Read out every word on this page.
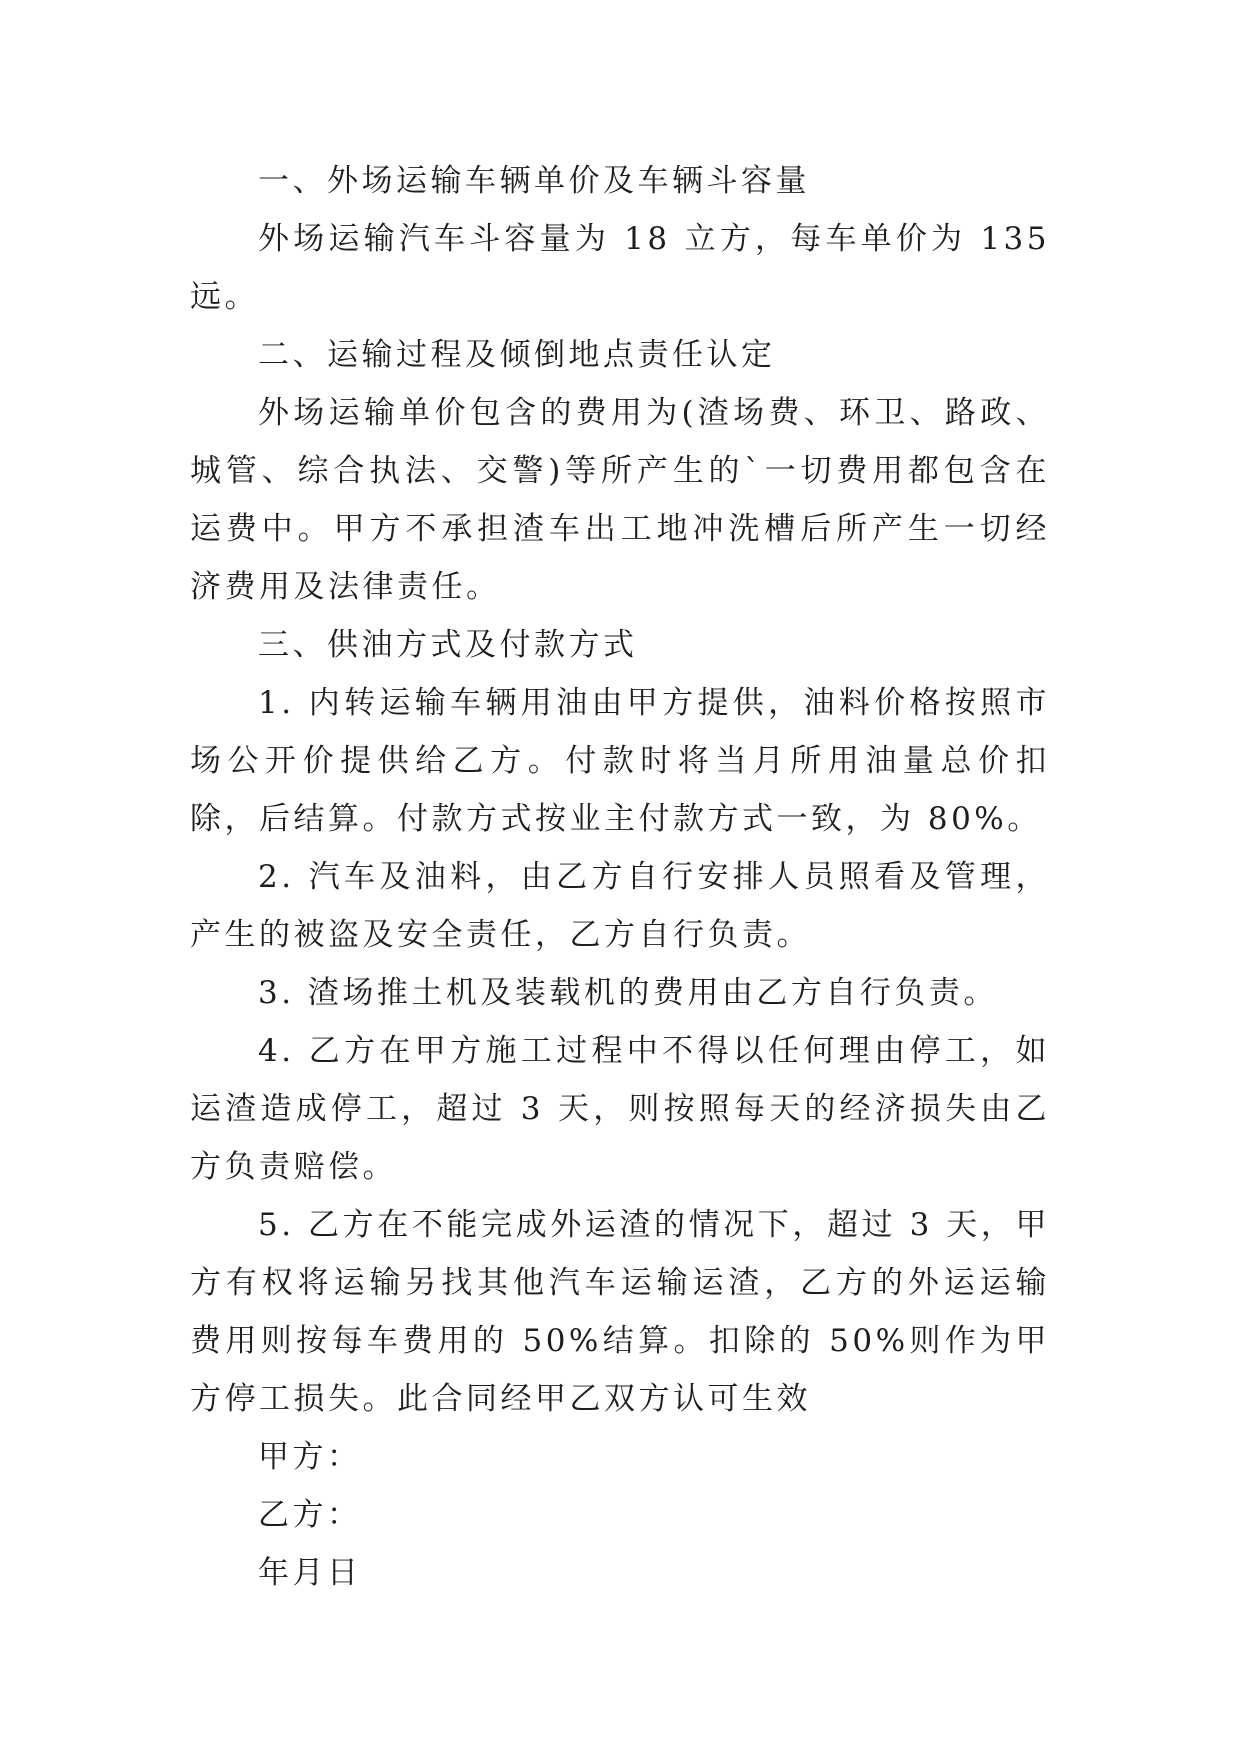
一、外场运输车辆单价及车辆斗容量

外场运输汽车斗容量为 18 立方，每车单价为 135 远。

二、运输过程及倾倒地点责任认定

外场运输单价包含的费用为(渣场费、环卫、路政、城管、综合执法、交警)等所产生的`一切费用都包含在运费中。甲方不承担渣车出工地冲洗槽后所产生一切经济费用及法律责任。

三、供油方式及付款方式

1. 内转运输车辆用油由甲方提供，油料价格按照市场公开价提供给乙方。付款时将当月所用油量总价扣除，后结算。付款方式按业主付款方式一致，为 80%。

2. 汽车及油料，由乙方自行安排人员照看及管理，产生的被盗及安全责任，乙方自行负责。

3. 渣场推土机及装载机的费用由乙方自行负责。

4. 乙方在甲方施工过程中不得以任何理由停工，如运渣造成停工，超过 3 天，则按照每天的经济损失由乙方负责赔偿。

5. 乙方在不能完成外运渣的情况下，超过 3 天，甲方有权将运输另找其他汽车运输运渣，乙方的外运运输费用则按每车费用的 50%结算。扣除的 50%则作为甲方停工损失。此合同经甲乙双方认可生效

甲方：

乙方：

年月日
